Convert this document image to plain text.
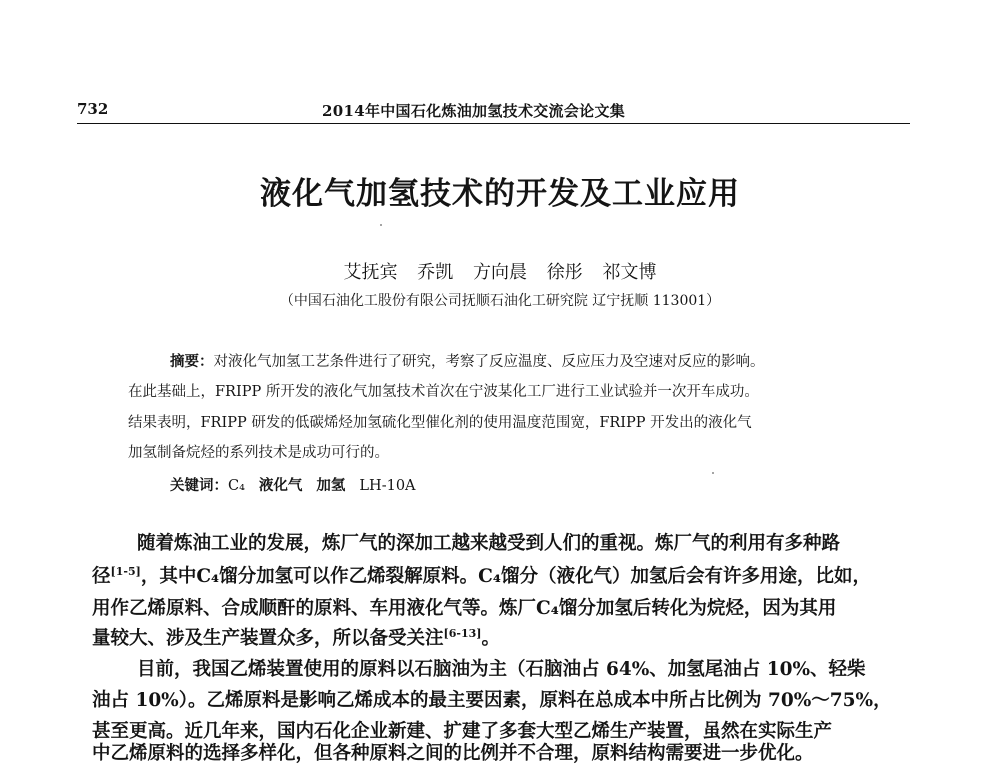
732	2014年中国石化炼油加氢技术交流会论文集
液化气加氢技术的开发及工业应用
艾抚宾 乔凯 方向晨 徐彤 祁文博
（中国石油化工股份有限公司抚顺石油化工研究院 辽宁抚顺 113001）
摘要：对液化气加氢工艺条件进行了研究，考察了反应温度、反应压力及空速对反应的影响。
在此基础上，FRIPP 所开发的液化气加氢技术首次在宁波某化工厂进行工业试验并一次开车成功。
结果表明，FRIPP 研发的低碳烯烃加氢硫化型催化剂的使用温度范围宽，FRIPP 开发出的液化气
加氢制备烷烃的系列技术是成功可行的。
关键词：C₄ 液化气 加氢 LH-10A
随着炼油工业的发展，炼厂气的深加工越来越受到人们的重视。炼厂气的利用有多种路
径[1-5]，其中C₄馏分加氢可以作乙烯裂解原料。C₄馏分（液化气）加氢后会有许多用途，比如，
用作乙烯原料、合成顺酐的原料、车用液化气等。炼厂C₄馏分加氢后转化为烷烃，因为其用
量较大、涉及生产装置众多，所以备受关注[6-13]。
目前，我国乙烯装置使用的原料以石脑油为主（石脑油占 64%、加氢尾油占 10%、轻柴
油占 10%）。乙烯原料是影响乙烯成本的最主要因素，原料在总成本中所占比例为 70%～75%，
甚至更高。近几年来，国内石化企业新建、扩建了多套大型乙烯生产装置，虽然在实际生产
中乙烯原料的选择多样化，但各种原料之间的比例并不合理，原料结构需要进一步优化。
